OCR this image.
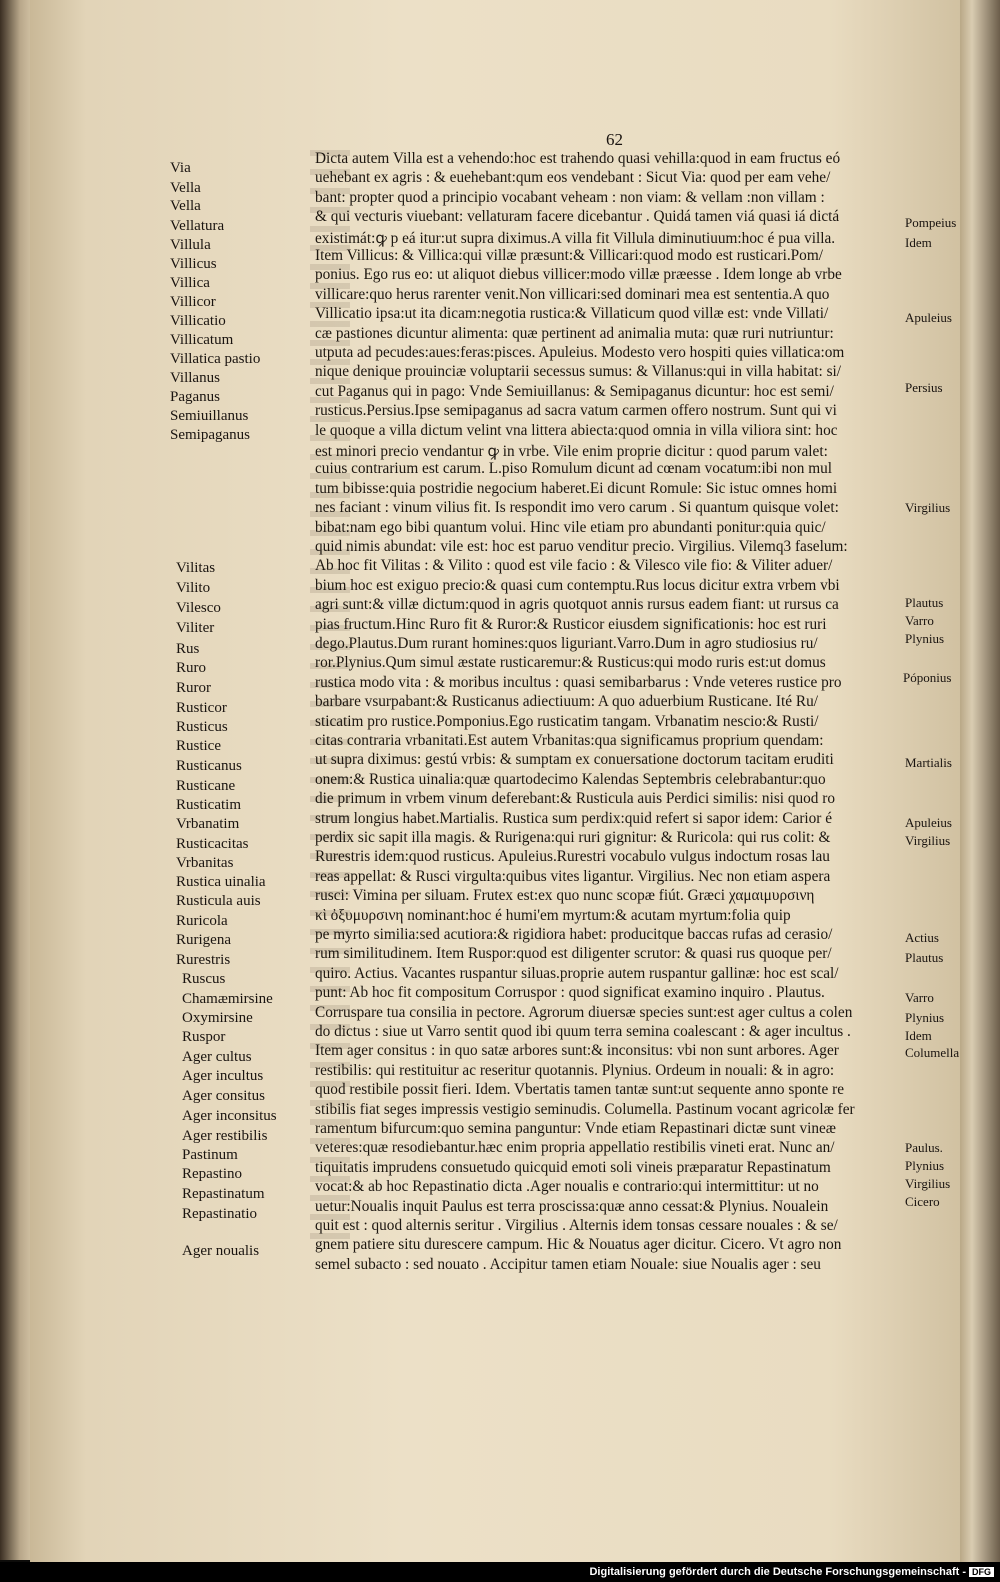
62
Via
Vella
Vella
Vellatura
Villula
Villicus
Villica
Villicor
Villicatio
Villicatum
Villatica pastio
Villanus
Paganus
Semiuillanus
Semipaganus
Vilitas
Vilito
Vilesco
Viliter
Rus
Ruro
Ruror
Rusticor
Rusticus
Rustice
Rusticanus
Rusticane
Rusticatim
Vrbanatim
Rusticacitas
Vrbanitas
Rustica uinalia
Rusticula auis
Ruricola
Rurigena
Rurestris
Ruscus
Chamæmirsine
Oxymirsine
Ruspor
Ager cultus
Ager incultus
Ager consitus
Ager inconsitus
Ager restibilis
Pastinum
Repastino
Repastinatum
Repastinatio
Ager noualis
Dicta autem Villa est a vehendo:hoc est trahendo quasi vehilla:quod in eam fructus eó
uehebant ex agris : & euehebant:qum eos vendebant : Sicut Via: quod per eam vehe/
bant: propter quod a principio vocabant veheam : non viam: & vellam :non villam :
& qui vecturis viuebant: vellaturam facere dicebantur . Quidá tamen viá quasi iá dictá
existimát:ꝙ p eá itur:ut supra diximus.A villa fit Villula diminutiuum:hoc é pua villa.
Item Villicus: & Villica:qui villæ præsunt:& Villicari:quod modo est rusticari.Pom/
ponius. Ego rus eo: ut aliquot diebus villicer:modo villæ præesse . Idem longe ab vrbe
villicare:quo herus rarenter venit.Non villicari:sed dominari mea est sententia.A quo
Villicatio ipsa:ut ita dicam:negotia rustica:& Villaticum quod villæ est: vnde Villati/
cæ pastiones dicuntur alimenta: quæ pertinent ad animalia muta: quæ ruri nutriuntur:
utputa ad pecudes:aues:feras:pisces. Apuleius. Modesto vero hospiti quies villatica:om
nique denique prouinciæ voluptarii secessus sumus: & Villanus:qui in villa habitat: si/
cut Paganus qui in pago: Vnde Semiuillanus: & Semipaganus dicuntur: hoc est semi/
rusticus.Persius.Ipse semipaganus ad sacra vatum carmen offero nostrum. Sunt qui vi
le quoque a villa dictum velint vna littera abiecta:quod omnia in villa viliora sint: hoc
est minori precio vendantur ꝙ in vrbe. Vile enim proprie dicitur : quod parum valet:
cuius contrarium est carum. L.piso Romulum dicunt ad cœnam vocatum:ibi non mul
tum bibisse:quia postridie negocium haberet.Ei dicunt Romule: Sic istuc omnes homi
nes faciant : vinum vilius fit. Is respondit imo vero carum . Si quantum quisque volet:
bibat:nam ego bibi quantum volui. Hinc vile etiam pro abundanti ponitur:quia quic/
quid nimis abundat: vile est: hoc est paruo venditur precio. Virgilius. Vilemq3 faselum:
Ab hoc fit Vilitas : & Vilito : quod est vile facio : & Vilesco vile fio: & Viliter aduer/
bium hoc est exiguo precio:& quasi cum contemptu.Rus locus dicitur extra vrbem vbi
agri sunt:& villæ dictum:quod in agris quotquot annis rursus eadem fiant: ut rursus ca
pias fructum.Hinc Ruro fit & Ruror:& Rusticor eiusdem significationis: hoc est ruri
dego.Plautus.Dum rurant homines:quos liguriant.Varro.Dum in agro studiosius ru/
ror.Plynius.Qum simul æstate rusticaremur:& Rusticus:qui modo ruris est:ut domus
rustica modo vita : & moribus incultus : quasi semibarbarus : Vnde veteres rustice pro
barbare vsurpabant:& Rusticanus adiectiuum: A quo aduerbium Rusticane. Ité Ru/
sticatim pro rustice.Pomponius.Ego rusticatim tangam. Vrbanatim nescio:& Rusti/
citas contraria vrbanitati.Est autem Vrbanitas:qua significamus proprium quendam:
ut supra diximus: gestú vrbis: & sumptam ex conuersatione doctorum tacitam eruditi
onem:& Rustica uinalia:quæ quartodecimo Kalendas Septembris celebrabantur:quo
die primum in vrbem vinum deferebant:& Rusticula auis Perdici similis: nisi quod ro
strum longius habet.Martialis. Rustica sum perdix:quid refert si sapor idem: Carior é
perdix sic sapit illa magis. & Rurigena:qui ruri gignitur: & Ruricola: qui rus colit: &
Rurestris idem:quod rusticus. Apuleius.Rurestri vocabulo vulgus indoctum rosas lau
reas appellat: & Rusci virgulta:quibus vites ligantur. Virgilius. Nec non etiam aspera
rusci: Vimina per siluam. Frutex est:ex quo nunc scopæ fiút. Græci χαμαιμυρσινη
κὶ ὀξυμυρσινη nominant:hoc é humi'em myrtum:& acutam myrtum:folia quip
pe myrto similia:sed acutiora:& rigidiora habet: producitque baccas rufas ad cerasio/
rum similitudinem. Item Ruspor:quod est diligenter scrutor: & quasi rus quoque per/
quiro. Actius. Vacantes ruspantur siluas.proprie autem ruspantur gallinæ: hoc est scal/
punt: Ab hoc fit compositum Corruspor : quod significat examino inquiro . Plautus.
Corruspare tua consilia in pectore. Agrorum diuersæ species sunt:est ager cultus a colen
do dictus : siue ut Varro sentit quod ibi quum terra semina coalescant : & ager incultus .
Item ager consitus : in quo satæ arbores sunt:& inconsitus: vbi non sunt arbores. Ager
restibilis: qui restituitur ac reseritur quotannis. Plynius. Ordeum in nouali: & in agro:
quod restibile possit fieri. Idem. Vbertatis tamen tantæ sunt:ut sequente anno sponte re
stibilis fiat seges impressis vestigio seminudis. Columella. Pastinum vocant agricolæ fer
ramentum bifurcum:quo semina panguntur: Vnde etiam Repastinari dictæ sunt vineæ
veteres:quæ resodiebantur.hæc enim propria appellatio restibilis vineti erat. Nunc an/
tiquitatis imprudens consuetudo quicquid emoti soli vineis præparatur Repastinatum
vocat:& ab hoc Repastinatio dicta .Ager noualis e contrario:qui intermittitur: ut no
uetur:Noualis inquit Paulus est terra proscissa:quæ anno cessat:& Plynius. Noualein
quit est : quod alternis seritur . Virgilius . Alternis idem tonsas cessare nouales : & se/
gnem patiere situ durescere campum. Hic & Nouatus ager dicitur. Cicero. Vt agro non
semel subacto : sed nouato . Accipitur tamen etiam Nouale: siue Noualis ager : seu
Pompeius
Idem
Apuleius
Persius
Virgilius
Plautus
Varro
Plynius
Póponius
Martialis
Apuleius
Virgilius
Actius
Plautus
Varro
Plynius
Idem
Columella
Paulus.
Plynius
Virgilius
Cicero
Digitalisierung gefördert durch die Deutsche Forschungsgemeinschaft - DFG
